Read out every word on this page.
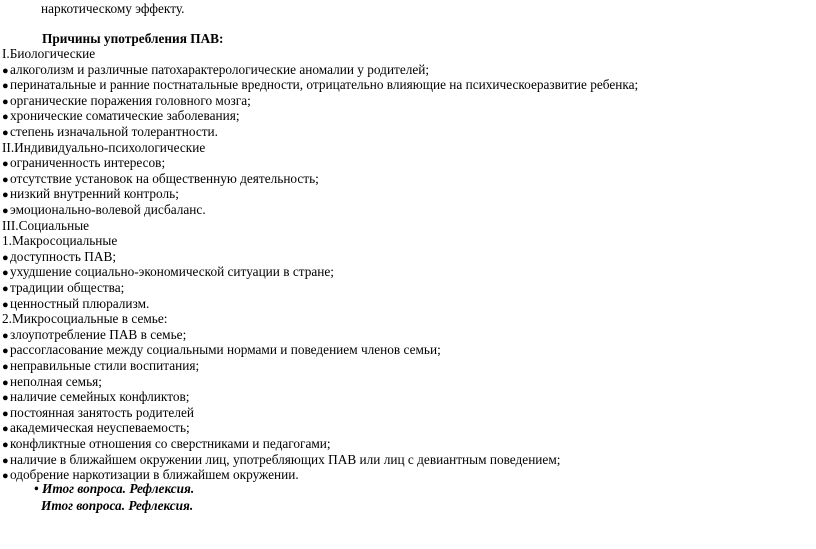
наркотическому эффекту.
Причины употребления ПАВ:
I.Биологические
●алкоголизм и различные патохарактерологические аномалии у родителей;
●перинатальные и ранние постнатальные вредности, отрицательно влияющие на психическоеразвитие ребенка;
●органические поражения головного мозга;
●хронические соматические заболевания;
●степень изначальной толерантности.
II.Индивидуально-психологические
●ограниченность интересов;
●отсутствие установок на общественную деятельность;
●низкий внутренний контроль;
●эмоционально-волевой дисбаланс.
III.Социальные
1.Макросоциальные
●доступность ПАВ;
●ухудшение социально-экономической ситуации в стране;
●традиции общества;
●ценностный плюрализм.
2.Микросоциальные в семье:
●злоупотребление ПАВ в семье;
●рассогласование между социальными нормами и поведением членов семьи;
●неправильные стили воспитания;
●неполная семья;
●наличие семейных конфликтов;
●постоянная занятость родителей
●академическая неуспеваемость;
●конфликтные отношения со сверстниками и педагогами;
●наличие в ближайшем окружении лиц, употребляющих ПАВ или лиц с девиантным поведением;
●одобрение наркотизации в ближайшем окружении.
• Итог вопроса. Рефлексия.
Итог вопроса. Рефлексия.
